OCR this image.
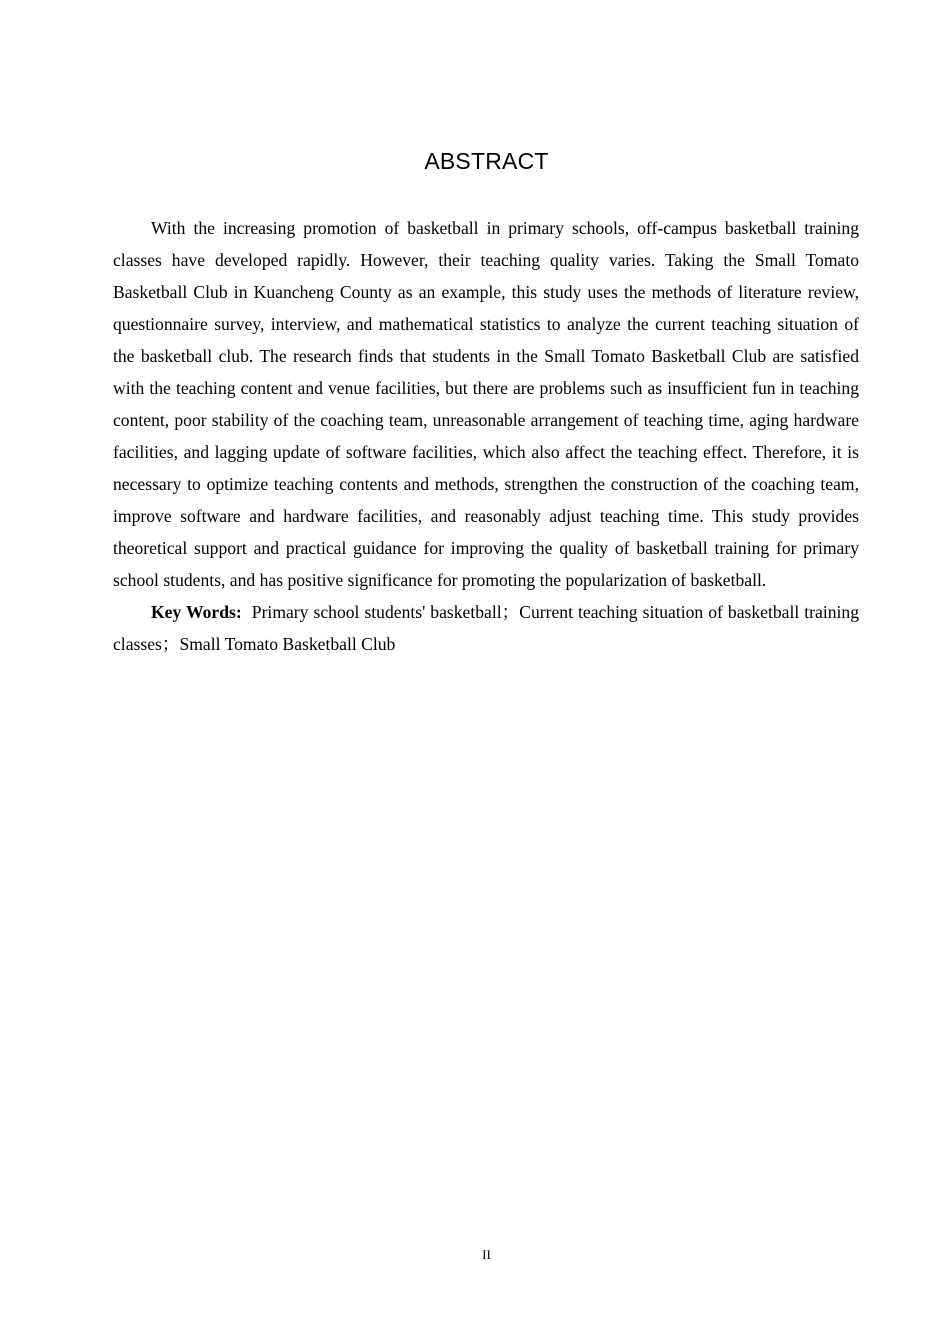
ABSTRACT

With the increasing promotion of basketball in primary schools, off-campus basketball training classes have developed rapidly. However, their teaching quality varies. Taking the Small Tomato Basketball Club in Kuancheng County as an example, this study uses the methods of literature review, questionnaire survey, interview, and mathematical statistics to analyze the current teaching situation of the basketball club. The research finds that students in the Small Tomato Basketball Club are satisfied with the teaching content and venue facilities, but there are problems such as insufficient fun in teaching content, poor stability of the coaching team, unreasonable arrangement of teaching time, aging hardware facilities, and lagging update of software facilities, which also affect the teaching effect. Therefore, it is necessary to optimize teaching contents and methods, strengthen the construction of the coaching team, improve software and hardware facilities, and reasonably adjust teaching time. This study provides theoretical support and practical guidance for improving the quality of basketball training for primary school students, and has positive significance for promoting the popularization of basketball.

Key Words: Primary school students' basketball；Current teaching situation of basketball training classes；Small Tomato Basketball Club

II
